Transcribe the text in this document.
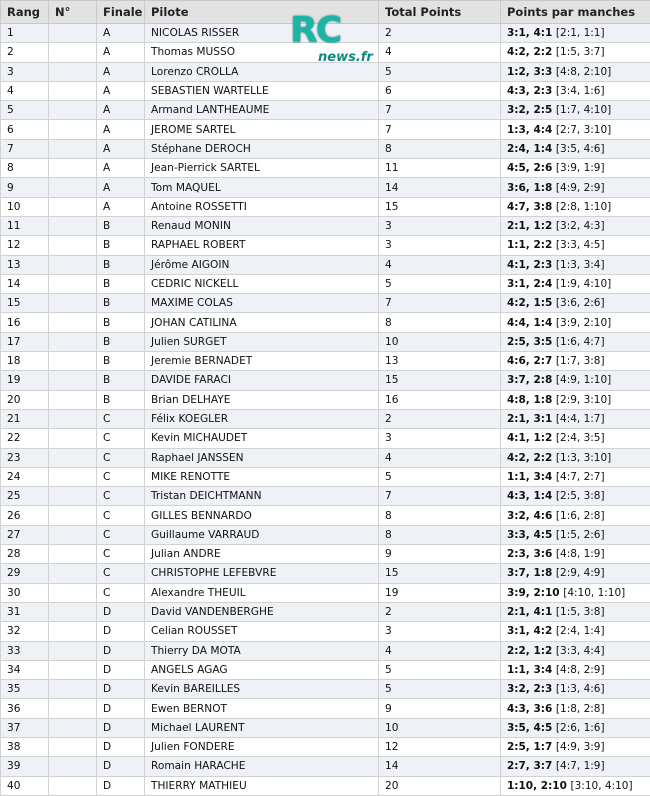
Rang	N°	Finale	Pilote	Total Points	Points par manches
1		A	NICOLAS RISSER	2	3:1, 4:1 [2:1, 1:1]
2		A	Thomas MUSSO	4	4:2, 2:2 [1:5, 3:7]
3		A	Lorenzo CROLLA	5	1:2, 3:3 [4:8, 2:10]
4		A	SEBASTIEN WARTELLE	6	4:3, 2:3 [3:4, 1:6]
5		A	Armand LANTHEAUME	7	3:2, 2:5 [1:7, 4:10]
6		A	JEROME SARTEL	7	1:3, 4:4 [2:7, 3:10]
7		A	Stéphane DEROCH	8	2:4, 1:4 [3:5, 4:6]
8		A	Jean-Pierrick SARTEL	11	4:5, 2:6 [3:9, 1:9]
9		A	Tom MAQUEL	14	3:6, 1:8 [4:9, 2:9]
10		A	Antoine ROSSETTI	15	4:7, 3:8 [2:8, 1:10]
11		B	Renaud MONIN	3	2:1, 1:2 [3:2, 4:3]
12		B	RAPHAEL ROBERT	3	1:1, 2:2 [3:3, 4:5]
13		B	Jérôme AIGOIN	4	4:1, 2:3 [1:3, 3:4]
14		B	CEDRIC NICKELL	5	3:1, 2:4 [1:9, 4:10]
15		B	MAXIME COLAS	7	4:2, 1:5 [3:6, 2:6]
16		B	JOHAN CATILINA	8	4:4, 1:4 [3:9, 2:10]
17		B	Julien SURGET	10	2:5, 3:5 [1:6, 4:7]
18		B	Jeremie BERNADET	13	4:6, 2:7 [1:7, 3:8]
19		B	DAVIDE FARACI	15	3:7, 2:8 [4:9, 1:10]
20		B	Brian DELHAYE	16	4:8, 1:8 [2:9, 3:10]
21		C	Félix KOEGLER	2	2:1, 3:1 [4:4, 1:7]
22		C	Kevin MICHAUDET	3	4:1, 1:2 [2:4, 3:5]
23		C	Raphael JANSSEN	4	4:2, 2:2 [1:3, 3:10]
24		C	MIKE RENOTTE	5	1:1, 3:4 [4:7, 2:7]
25		C	Tristan DEICHTMANN	7	4:3, 1:4 [2:5, 3:8]
26		C	GILLES BENNARDO	8	3:2, 4:6 [1:6, 2:8]
27		C	Guillaume VARRAUD	8	3:3, 4:5 [1:5, 2:6]
28		C	Julian ANDRE	9	2:3, 3:6 [4:8, 1:9]
29		C	CHRISTOPHE LEFEBVRE	15	3:7, 1:8 [2:9, 4:9]
30		C	Alexandre THEUIL	19	3:9, 2:10 [4:10, 1:10]
31		D	David VANDENBERGHE	2	2:1, 4:1 [1:5, 3:8]
32		D	Celian ROUSSET	3	3:1, 4:2 [2:4, 1:4]
33		D	Thierry DA MOTA	4	2:2, 1:2 [3:3, 4:4]
34		D	ANGELS AGAG	5	1:1, 3:4 [4:8, 2:9]
35		D	Kevin BAREILLES	5	3:2, 2:3 [1:3, 4:6]
36		D	Ewen BERNOT	9	4:3, 3:6 [1:8, 2:8]
37		D	Michael LAURENT	10	3:5, 4:5 [2:6, 1:6]
38		D	Julien FONDERE	12	2:5, 1:7 [4:9, 3:9]
39		D	Romain HARACHE	14	2:7, 3:7 [4:7, 1:9]
40		D	THIERRY MATHIEU	20	1:10, 2:10 [3:10, 4:10]
RC
news.fr
